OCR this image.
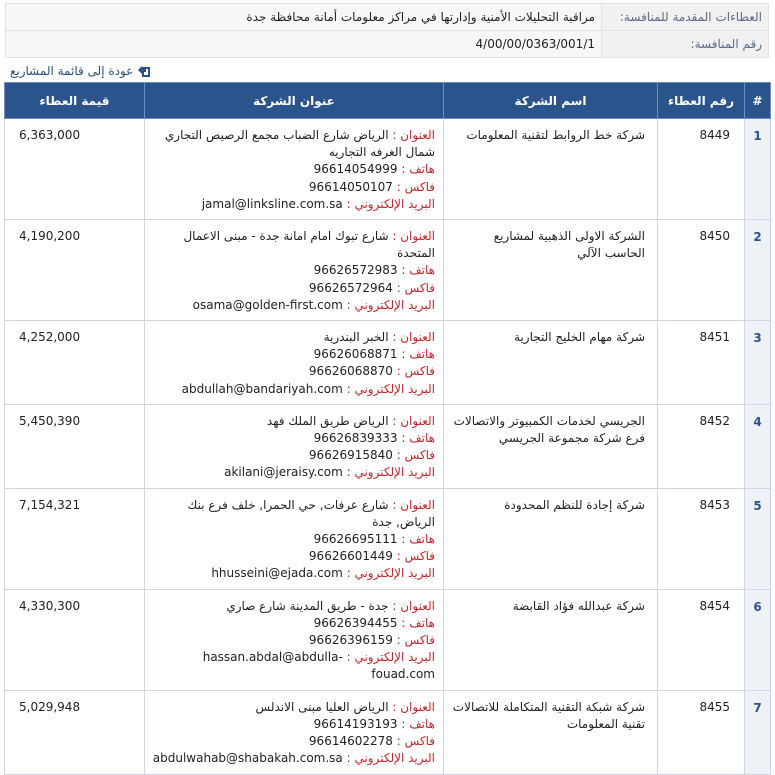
العطاءات المقدمة للمنافسة:	مراقبة التحليلات الأمنية وإدارتها في مراكز معلومات أمانة محافظة جدة
رقم المنافسة:	4/00/00/0363/001/1
عودة إلى قائمة المشاريع
#	رقم العطاء	اسم الشركة	عنوان الشركة	قيمة العطاء
1	8449	شركة خط الروابط لتقنية المعلومات	العنوان : الرياض شارع الضباب مجمع الرصيص التجاري شمال الغرفه التجاريه
هاتف : 96614054999
فاكس : 96614050107
البريد الإلكتروني : jamal@linksline.com.sa	6,363,000
2	8450	الشركة الاولى الذهبية لمشاريع الحاسب الآلي	العنوان : شارع تبوك امام امانة جدة - مبنى الاعمال المتحدة
هاتف : 96626572983
فاكس : 96626572964
البريد الإلكتروني : osama@golden-first.com	4,190,200
3	8451	شركة مهام الخليج التجارية	العنوان : الخبر البندرية
هاتف : 96626068871
فاكس : 96626068870
البريد الإلكتروني : abdullah@bandariyah.com	4,252,000
4	8452	الجريسي لخدمات الكمبيوتر والاتصالات فرع شركة مجموعة الجريسي	العنوان : الرياض طريق الملك فهد
هاتف : 96626839333
فاكس : 96626915840
البريد الإلكتروني : akilani@jeraisy.com	5,450,390
5	8453	شركة إجادة للنظم المحدودة	العنوان : شارع عرفات, حي الحمرا, خلف فرع بنك الرياض, جدة
هاتف : 96626695111
فاكس : 96626601449
البريد الإلكتروني : hhusseini@ejada.com	7,154,321
6	8454	شركة عبدالله فؤاد القابضة	العنوان : جدة - طريق المدينة شارع صاري
هاتف : 96626394455
فاكس : 96626396159
البريد الإلكتروني : hassan.abdal@abdulla-fouad.com	4,330,300
7	8455	شركة شبكة التقنية المتكاملة للاتصالات تقنية المعلومات	العنوان : الرياض العليا مبنى الاندلس
هاتف : 96614193193
فاكس : 96614602278
البريد الإلكتروني : abdulwahab@shabakah.com.sa	5,029,948
